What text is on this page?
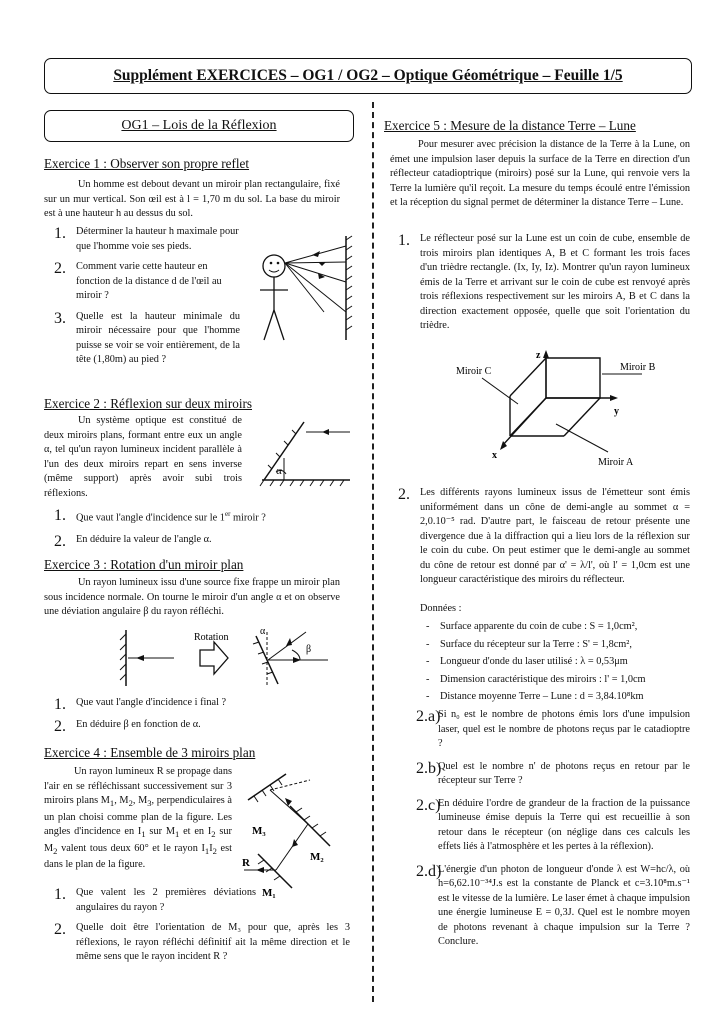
Supplément EXERCICES – OG1 / OG2 – Optique Géométrique – Feuille 1/5
OG1 – Lois de la Réflexion
Exercice 1 : Observer son propre reflet

Un homme est debout devant un miroir plan rectangulaire, fixé sur un mur vertical. Son œil est à l = 1,70 m du sol. La base du miroir est à une hauteur h au dessus du sol.

1. Déterminer la hauteur h maximale pour que l'homme voie ses pieds.

2. Comment varie cette hauteur en fonction de la distance d de l'œil au miroir ?

3. Quelle est la hauteur minimale du miroir nécessaire pour que l'homme puisse se voir se voir entièrement, de la tête (1,80m) au pied ?

Exercice 2 : Réflexion sur deux miroirs

Un système optique est constitué de deux miroirs plans, formant entre eux un angle α, tel qu'un rayon lumineux incident parallèle à l'un des deux miroirs repart en sens inverse (même support) après avoir subi trois réflexions.

α
1. Que vaut l'angle d'incidence sur le 1er miroir ?

2. En déduire la valeur de l'angle α.

Exercice 3 : Rotation d'un miroir plan

Un rayon lumineux issu d'une source fixe frappe un miroir plan sous incidence normale. On tourne le miroir d'un angle α et on observe une déviation angulaire β du rayon réfléchi.

Rotation
α
β
1. Que vaut l'angle d'incidence i final ?

2. En déduire β en fonction de α.

Exercice 4 : Ensemble de 3 miroirs plan

Un rayon lumineux R se propage dans l'air en se réfléchissant successivement sur 3 miroirs plans $M_1$, $M_2$, $M_3$, perpendiculaires à un plan choisi comme plan de la figure. Les angles d'incidence en $I_1$ sur $M_1$ et en $I_2$ sur $M_2$ valent tous deux 60° et le rayon $I_1I_2$ est dans le plan de la figure.

M₃
M₂
M₁
R
1. Que valent les 2 premières déviations angulaires du rayon ?

2. Quelle doit être l'orientation de M₃ pour que, après les 3 réflexions, le rayon réfléchi définitif ait la même direction et le même sens que le rayon incident R ?

Exercice 5 : Mesure de la distance Terre – Lune

Pour mesurer avec précision la distance de la Terre à la Lune, on émet une impulsion laser depuis la surface de la Terre en direction d'un réflecteur catadioptrique (miroirs) posé sur la Lune, qui renvoie vers la Terre la lumière qu'il reçoit. La mesure du temps écoulé entre l'émission et la réception du signal permet de déterminer la distance Terre – Lune.

1. Le réflecteur posé sur la Lune est un coin de cube, ensemble de trois miroirs plan identiques A, B et C formant les trois faces d'un trièdre rectangle. (Ix, Iy, Iz). Montrer qu'un rayon lumineux émis de la Terre et arrivant sur le coin de cube est renvoyé après trois réflexions respectivement sur les miroirs A, B et C dans la direction exactement opposée, quelle que soit l'orientation du trièdre.

z
y
x
Miroir C	Miroir B
Miroir A
2. Les différents rayons lumineux issus de l'émetteur sont émis uniformément dans un cône de demi-angle au sommet α = 2,0.10⁻⁵ rad. D'autre part, le faisceau de retour présente une divergence due à la diffraction qui a lieu lors de la réflexion sur le coin du cube. On peut estimer que le demi-angle au sommet du cône de retour est donné par α' = λ/l', où l' = 1,0cm est une longueur caractéristique des miroirs du réflecteur.

Données :
- Surface apparente du coin de cube : S = 1,0cm²,
- Surface du récepteur sur la Terre : S' = 1,8cm²,
- Longueur d'onde du laser utilisé : λ = 0,53μm
- Dimension caractéristique des miroirs : l' = 1,0cm
- Distance moyenne Terre – Lune : d = 3,84.10⁸km
2.a)

Si n₀ est le nombre de photons émis lors d'une impulsion laser, quel est le nombre de photons reçus par le catadioptre ?

2.b)

Quel est le nombre n' de photons reçus en retour par le récepteur sur Terre ?

2.c)

En déduire l'ordre de grandeur de la fraction de la puissance lumineuse émise depuis la Terre qui est recueillie à son retour dans le récepteur (on néglige dans ces calculs les effets liés à l'atmosphère et les pertes à la réflexion).

2.d)

L'énergie d'un photon de longueur d'onde λ est W=hc/λ, où h=6,62.10⁻³⁴J.s est la constante de Planck et c=3.10⁸m.s⁻¹ est le vitesse de la lumière. Le laser émet à chaque impulsion une énergie lumineuse E = 0,3J. Quel est le nombre moyen de photons revenant à chaque impulsion sur la Terre ? Conclure.
